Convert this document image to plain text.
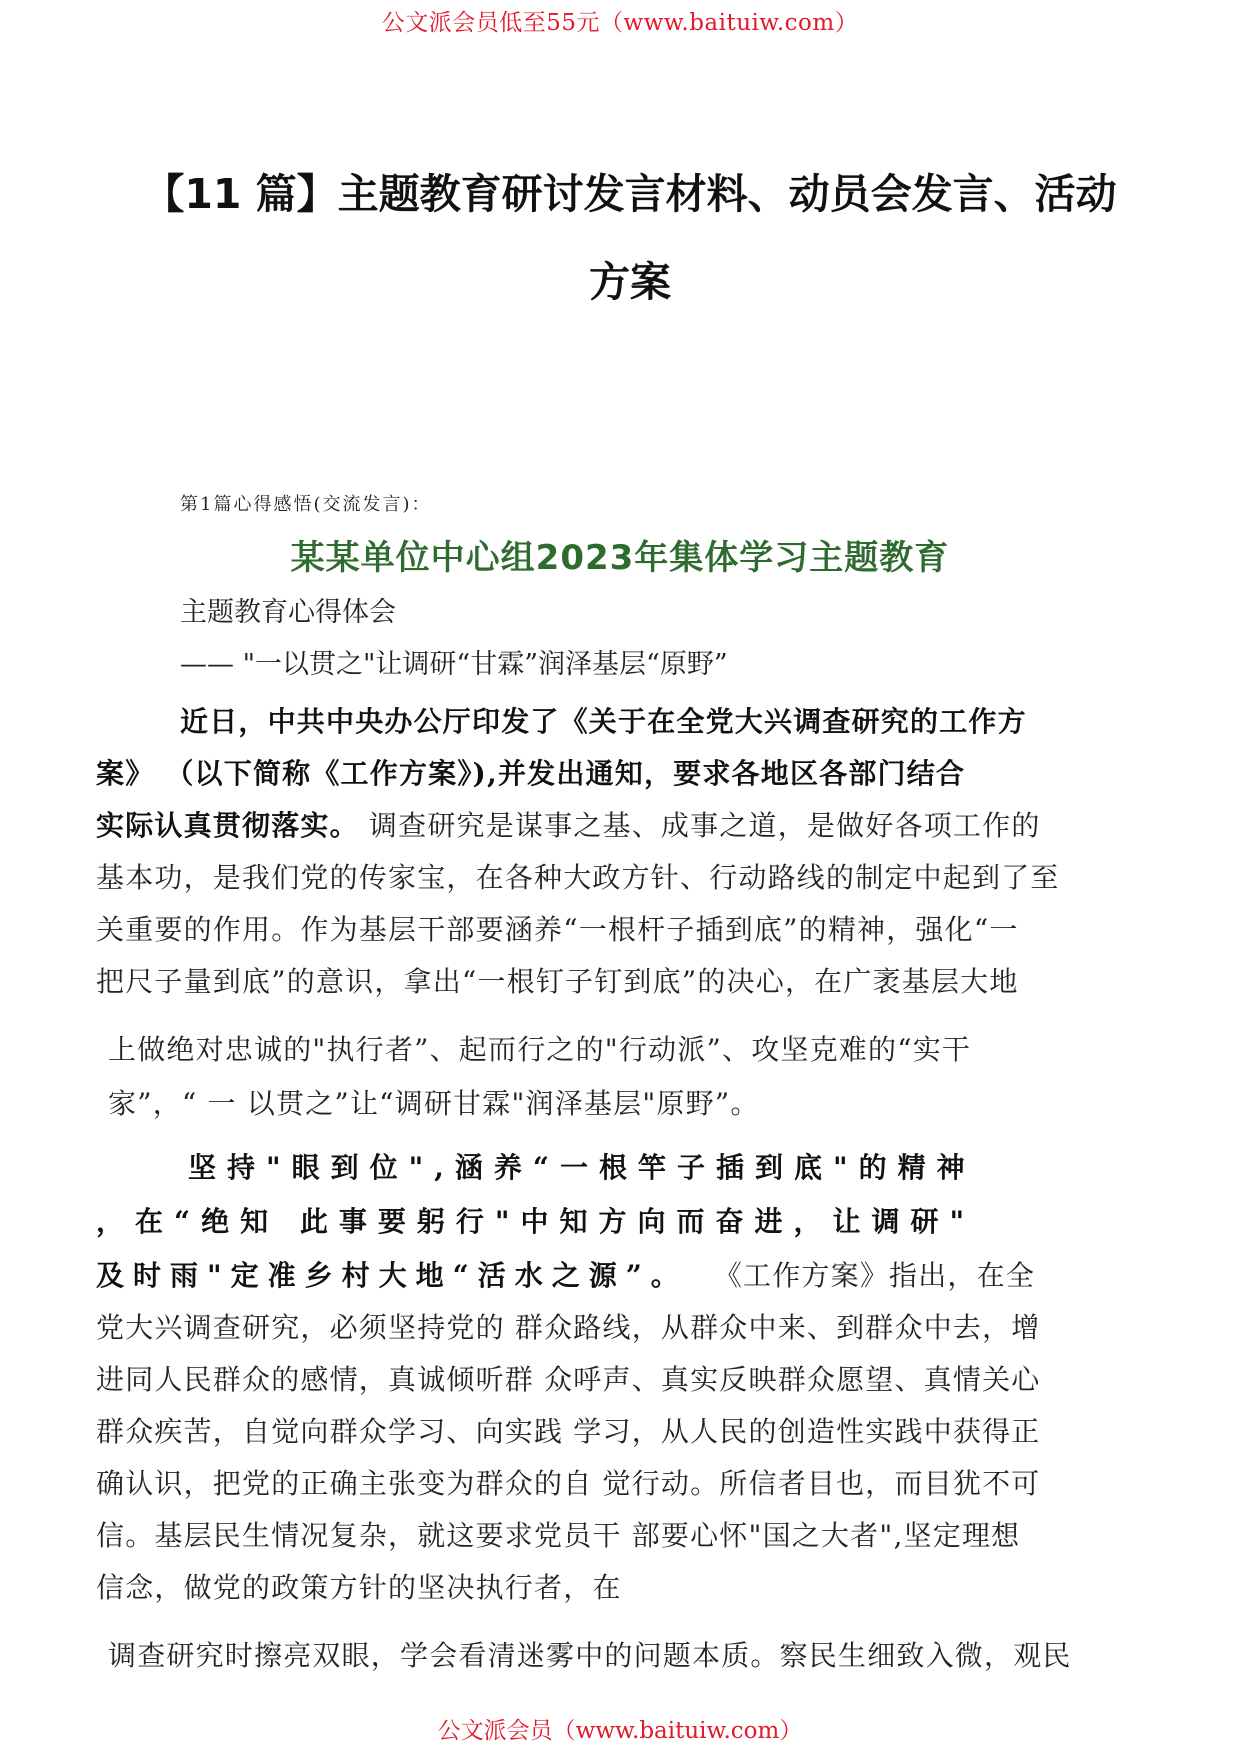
公文派会员低至55元（www.baituiw.com）
【11 篇】主题教育研讨发言材料、动员会发言、活动
方案
第1篇心得感悟(交流发言)：
某某单位中心组2023年集体学习主题教育
主题教育心得体会
—— "一以贯之"让调研“甘霖”润泽基层“原野”
近日，中共中央办公厅印发了《关于在全党大兴调查研究的工作方
案》 （以下简称《工作方案》),并发出通知，要求各地区各部门结合
实际认真贯彻落实。 调查研究是谋事之基、成事之道，是做好各项工作的
基本功，是我们党的传家宝，在各种大政方针、行动路线的制定中起到了至
关重要的作用。作为基层干部要涵养“一根杆子插到底”的精神，强化“一
把尺子量到底”的意识，拿出“一根钉子钉到底”的决心，在广袤基层大地
上做绝对忠诚的"执行者”、起而行之的"行动派”、攻坚克难的“实干
家”，“ 一 以贯之”让“调研甘霖"润泽基层"原野”。
坚持"眼到位",涵养“一根竿子插到底"的精神
，在“绝知 此事要躬行"中知方向而奋进，让调研"
及时雨"定准乡村大地“活水之源”。 《工作方案》指出，在全
党大兴调查研究，必须坚持党的 群众路线，从群众中来、到群众中去，增
进同人民群众的感情，真诚倾听群 众呼声、真实反映群众愿望、真情关心
群众疾苦，自觉向群众学习、向实践 学习，从人民的创造性实践中获得正
确认识，把党的正确主张变为群众的自 觉行动。所信者目也，而目犹不可
信。基层民生情况复杂，就这要求党员干 部要心怀"国之大者",坚定理想
信念，做党的政策方针的坚决执行者，在
调查研究时擦亮双眼，学会看清迷雾中的问题本质。察民生细致入微，观民
公文派会员（www.baituiw.com）
